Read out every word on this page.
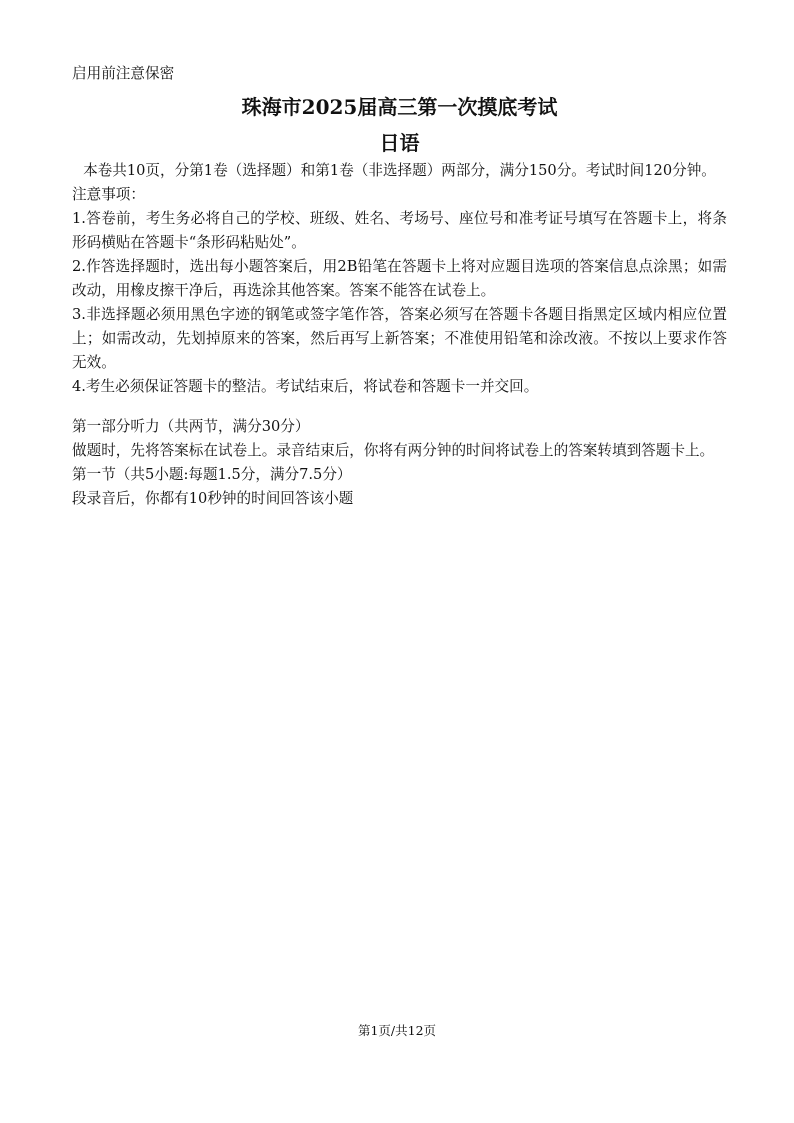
启用前注意保密

珠海市2025届高三第一次摸底考试
日语

本卷共10页，分第1卷（选择题）和第1卷（非选择题）两部分，满分150分。考试时间120分钟。

注意事项：

1.答卷前，考生务必将自己的学校、班级、姓名、考场号、座位号和准考证号填写在答题卡上，将条形码横贴在答题卡“条形码粘贴处”。

2.作答选择题时，选出每小题答案后，用2B铅笔在答题卡上将对应题目选项的答案信息点涂黑；如需改动，用橡皮擦干净后，再选涂其他答案。答案不能答在试卷上。

3.非选择题必须用黑色字迹的钢笔或签字笔作答，答案必须写在答题卡各题目指黑定区域内相应位置上；如需改动，先划掉原来的答案，然后再写上新答案；不准使用铅笔和涂改液。不按以上要求作答无效。

4.考生必须保证答题卡的整洁。考试结束后，将试卷和答题卡一并交回。

第一部分听力（共两节，满分30分）

做题时，先将答案标在试卷上。录音结束后，你将有两分钟的时间将试卷上的答案转填到答题卡上。

第一节（共5小题:每题1.5分，满分7.5分）

段录音后，你都有10秒钟的时间回答该小题

第1页/共12页
